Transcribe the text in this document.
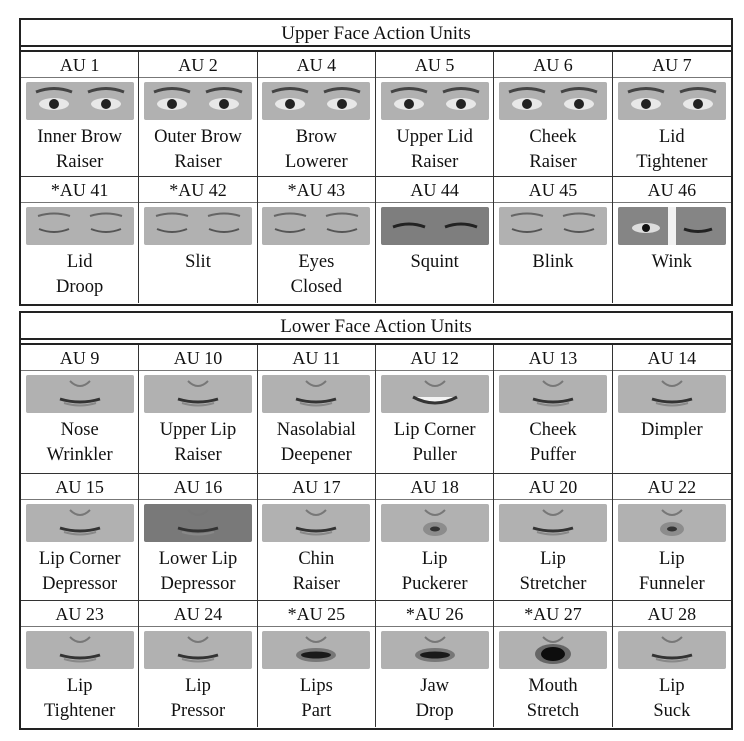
Upper Face Action Units
AU 1
Inner Brow
Raiser
AU 2
Outer Brow
Raiser
AU 4
Brow
Lowerer
AU 5
Upper Lid
Raiser
AU 6
Cheek
Raiser
AU 7
Lid
Tightener
*AU 41
Lid
Droop
*AU 42
Slit
*AU 43
Eyes
Closed
AU 44
Squint
AU 45
Blink
AU 46
Wink
Lower Face Action Units
AU 9
Nose
Wrinkler
AU 10
Upper Lip
Raiser
AU 11
Nasolabial
Deepener
AU 12
Lip Corner
Puller
AU 13
Cheek
Puffer
AU 14
Dimpler
AU 15
Lip Corner
Depressor
AU 16
Lower Lip
Depressor
AU 17
Chin
Raiser
AU 18
Lip
Puckerer
AU 20
Lip
Stretcher
AU 22
Lip
Funneler
AU 23
Lip
Tightener
AU 24
Lip
Pressor
*AU 25
Lips
Part
*AU 26
Jaw
Drop
*AU 27
Mouth
Stretch
AU 28
Lip
Suck
